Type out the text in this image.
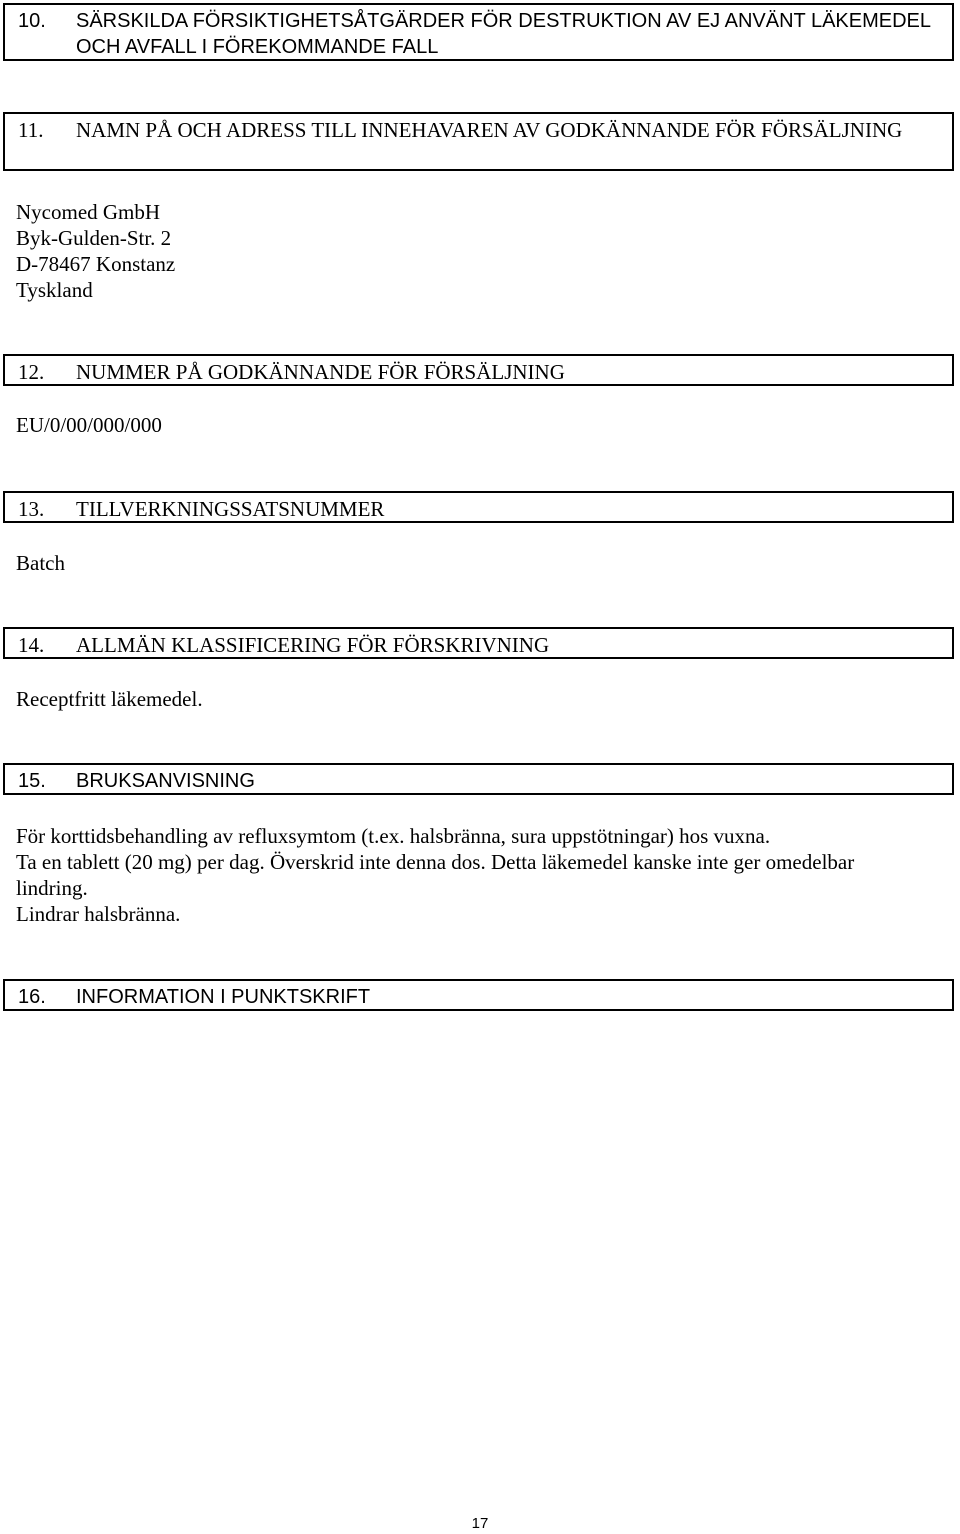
10. SÄRSKILDA FÖRSIKTIGHETSÅTGÄRDER FÖR DESTRUKTION AV EJ ANVÄNT LÄKEMEDEL OCH AVFALL I FÖREKOMMANDE FALL
11. NAMN PÅ OCH ADRESS TILL INNEHAVAREN AV GODKÄNNANDE FÖR FÖRSÄLJNING
Nycomed GmbH
Byk-Gulden-Str. 2
D-78467 Konstanz
Tyskland
12. NUMMER PÅ GODKÄNNANDE FÖR FÖRSÄLJNING
EU/0/00/000/000
13. TILLVERKNINGSSATSNUMMER
Batch
14. ALLMÄN KLASSIFICERING FÖR FÖRSKRIVNING
Receptfritt läkemedel.
15. BRUKSANVISNING
För korttidsbehandling av refluxsymtom (t.ex. halsbränna, sura uppstötningar) hos vuxna.
Ta en tablett (20 mg) per dag. Överskrid inte denna dos. Detta läkemedel kanske inte ger omedelbar
lindring.
Lindrar halsbränna.
16. INFORMATION I PUNKTSKRIFT
17
